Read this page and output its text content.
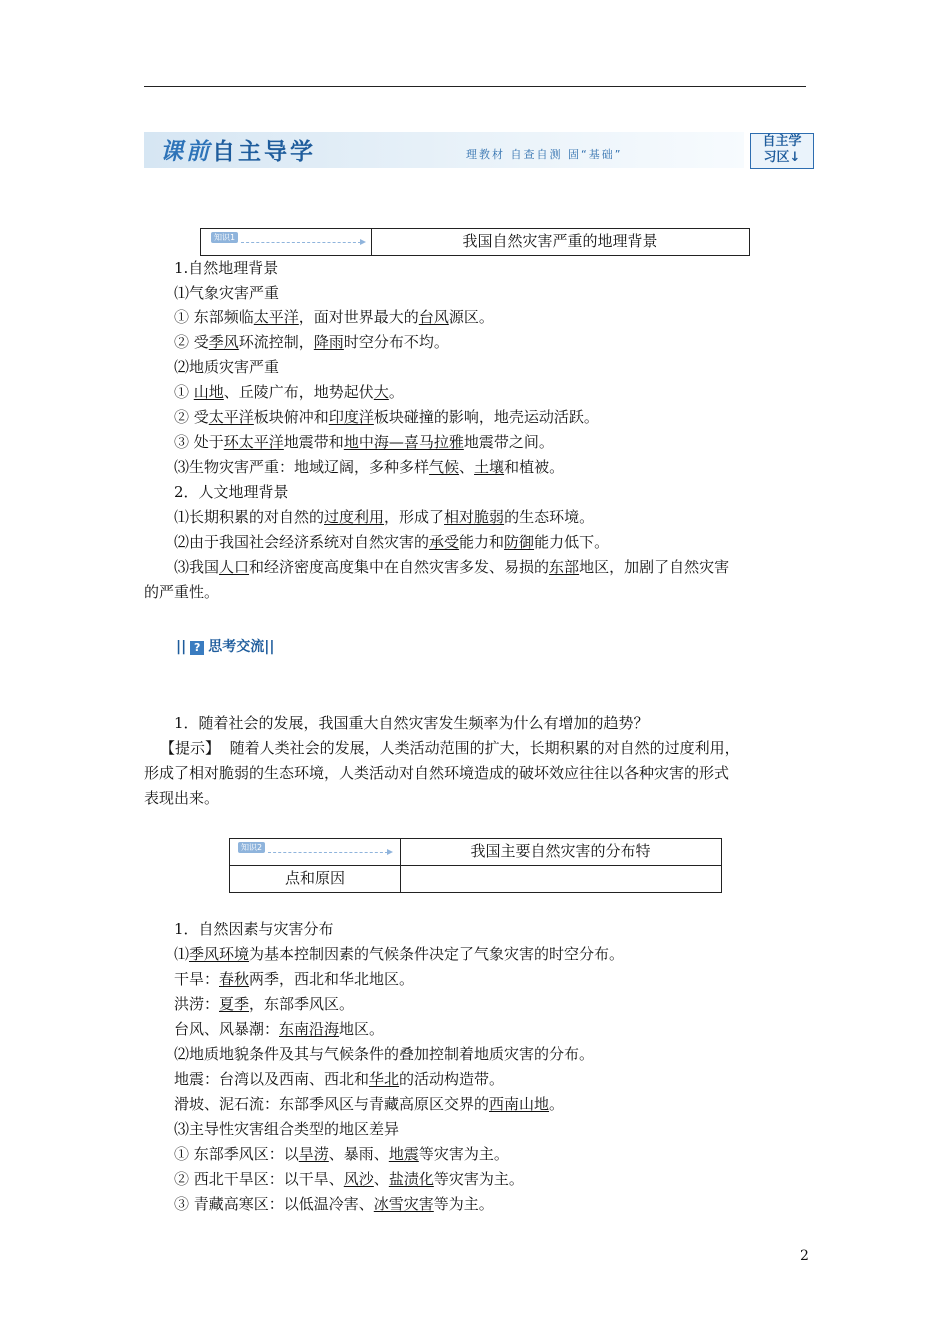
课前自主导学	理教材 自查自测 固“基础”
自主学
习区↓
知识1	我国自然灾害严重的地理背景
1.自然地理背景
⑴气象灾害严重
① 东部频临太平洋，面对世界最大的台风源区。
② 受季风环流控制，降雨时空分布不均。
⑵地质灾害严重
① 山地、丘陵广布，地势起伏大。
② 受太平洋板块俯冲和印度洋板块碰撞的影响，地壳运动活跃。
③ 处于环太平洋地震带和地中海—喜马拉雅地震带之间。
⑶生物灾害严重：地域辽阔，多种多样气候、土壤和植被。
2．人文地理背景
⑴长期积累的对自然的过度利用，形成了相对脆弱的生态环境。
⑵由于我国社会经济系统对自然灾害的承受能力和防御能力低下。
⑶我国人口和经济密度高度集中在自然灾害多发、易损的东部地区，加剧了自然灾害
的严重性。
|| ? 思考交流||
1．随着社会的发展，我国重大自然灾害发生频率为什么有增加的趋势？
【提示】 随着人类社会的发展，人类活动范围的扩大，长期积累的对自然的过度利用，
形成了相对脆弱的生态环境，人类活动对自然环境造成的破坏效应往往以各种灾害的形式
表现出来。
知识2	我国主要自然灾害的分布特
点和原因
1．自然因素与灾害分布
⑴季风环境为基本控制因素的气候条件决定了气象灾害的时空分布。
干旱：春秋两季，西北和华北地区。
洪涝：夏季，东部季风区。
台风、风暴潮：东南沿海地区。
⑵地质地貌条件及其与气候条件的叠加控制着地质灾害的分布。
地震：台湾以及西南、西北和华北的活动构造带。
滑坡、泥石流：东部季风区与青藏高原区交界的西南山地。
⑶主导性灾害组合类型的地区差异
① 东部季风区：以旱涝、暴雨、地震等灾害为主。
② 西北干旱区：以干旱、风沙、盐渍化等灾害为主。
③ 青藏高寒区：以低温冷害、冰雪灾害等为主。
2
